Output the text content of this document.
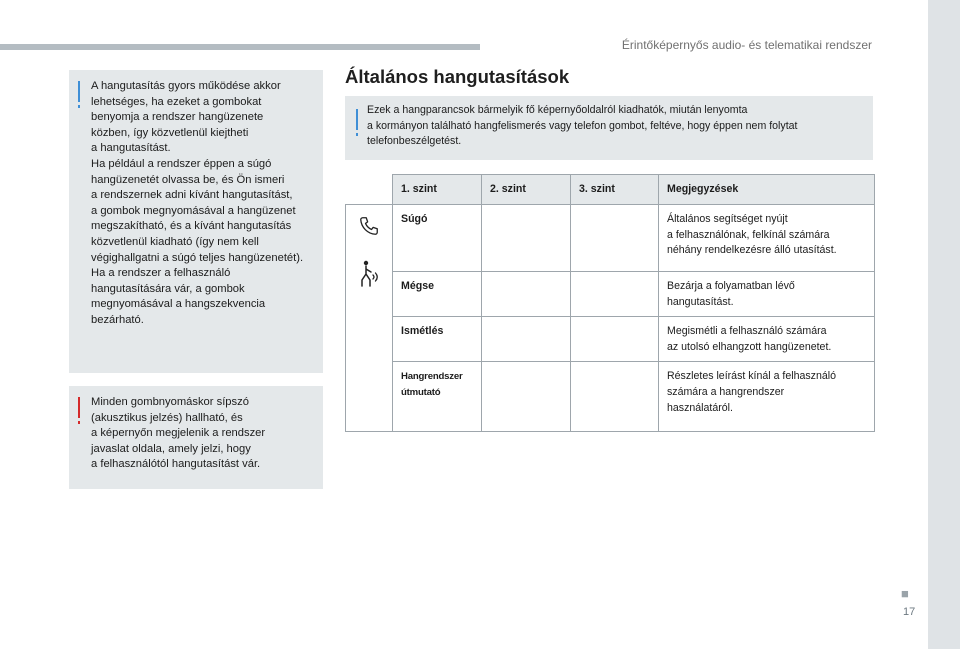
Érintőképernyős audio- és telematikai rendszer
A hangutasítás gyors működése akkor
lehetséges, ha ezeket a gombokat
benyomja a rendszer hangüzenete
közben, így közvetlenül kiejtheti
a hangutasítást.
Ha például a rendszer éppen a súgó
hangüzenetét olvassa be, és Ön ismeri
a rendszernek adni kívánt hangutasítást,
a gombok megnyomásával a hangüzenet
megszakítható, és a kívánt hangutasítás
közvetlenül kiadható (így nem kell
végighallgatni a súgó teljes hangüzenetét).
Ha a rendszer a felhasználó
hangutasítására vár, a gombok
megnyomásával a hangszekvencia
bezárható.
Minden gombnyomáskor sípszó
(akusztikus jelzés) hallható, és
a képernyőn megjelenik a rendszer
javaslat oldala, amely jelzi, hogy
a felhasználótól hangutasítást vár.
Általános hangutasítások
Ezek a hangparancsok bármelyik fő képernyőoldalról kiadhatók, miután lenyomta
a kormányon található hangfelismerés vagy telefon gombot, feltéve, hogy éppen nem folytat
telefonbeszélgetést.
	1. szint	2. szint	3. szint	Megjegyzések

	Súgó			Általános segítséget nyújt
a felhasználónak, felkínál számára
néhány rendelkezésre álló utasítást.
	Mégse			Bezárja a folyamatban lévő
hangutasítást.
	Ismétlés			Megismétli a felhasználó számára
az utolsó elhangzott hangüzenetet.
	Hangrendszer útmutató			Részletes leírást kínál a felhasználó
számára a hangrendszer
használatáról.
■
17
